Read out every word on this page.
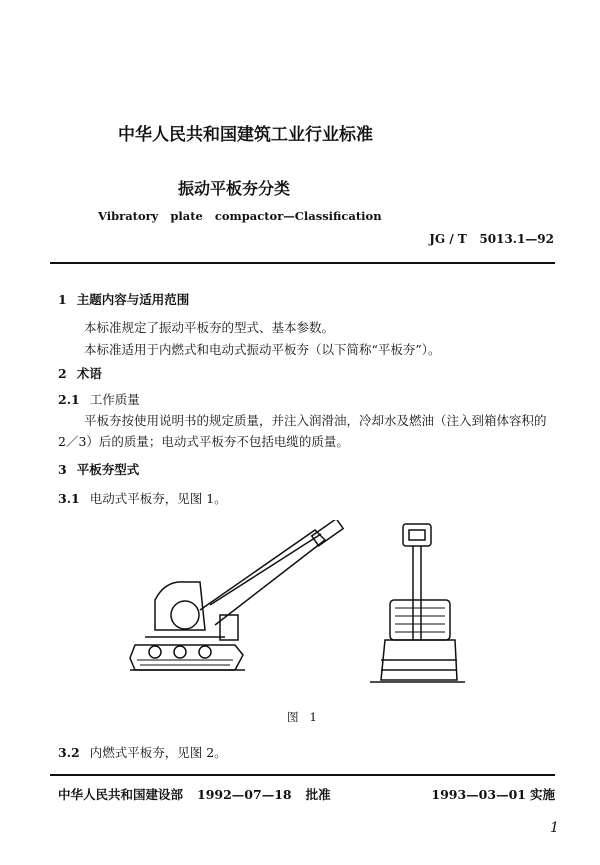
中华人民共和国建筑工业行业标准
振动平板夯分类
Vibratory   plate   compactor—Classification
JG / T   5013.1—92
1 主题内容与适用范围
本标准规定了振动平板夯的型式、基本参数。
本标准适用于内燃式和电动式振动平板夯（以下简称“平板夯”）。
2 术语
2.1 工作质量
平板夯按使用说明书的规定质量，并注入润滑油，冷却水及燃油（注入到箱体容积的
2／3）后的质量；电动式平板夯不包括电缆的质量。
3 平板夯型式
3.1 电动式平板夯，见图 1。
图   1
3.2 内燃式平板夯，见图 2。
中华人民共和国建设部 1992—07—18 批准	1993—03—01 实施
1
